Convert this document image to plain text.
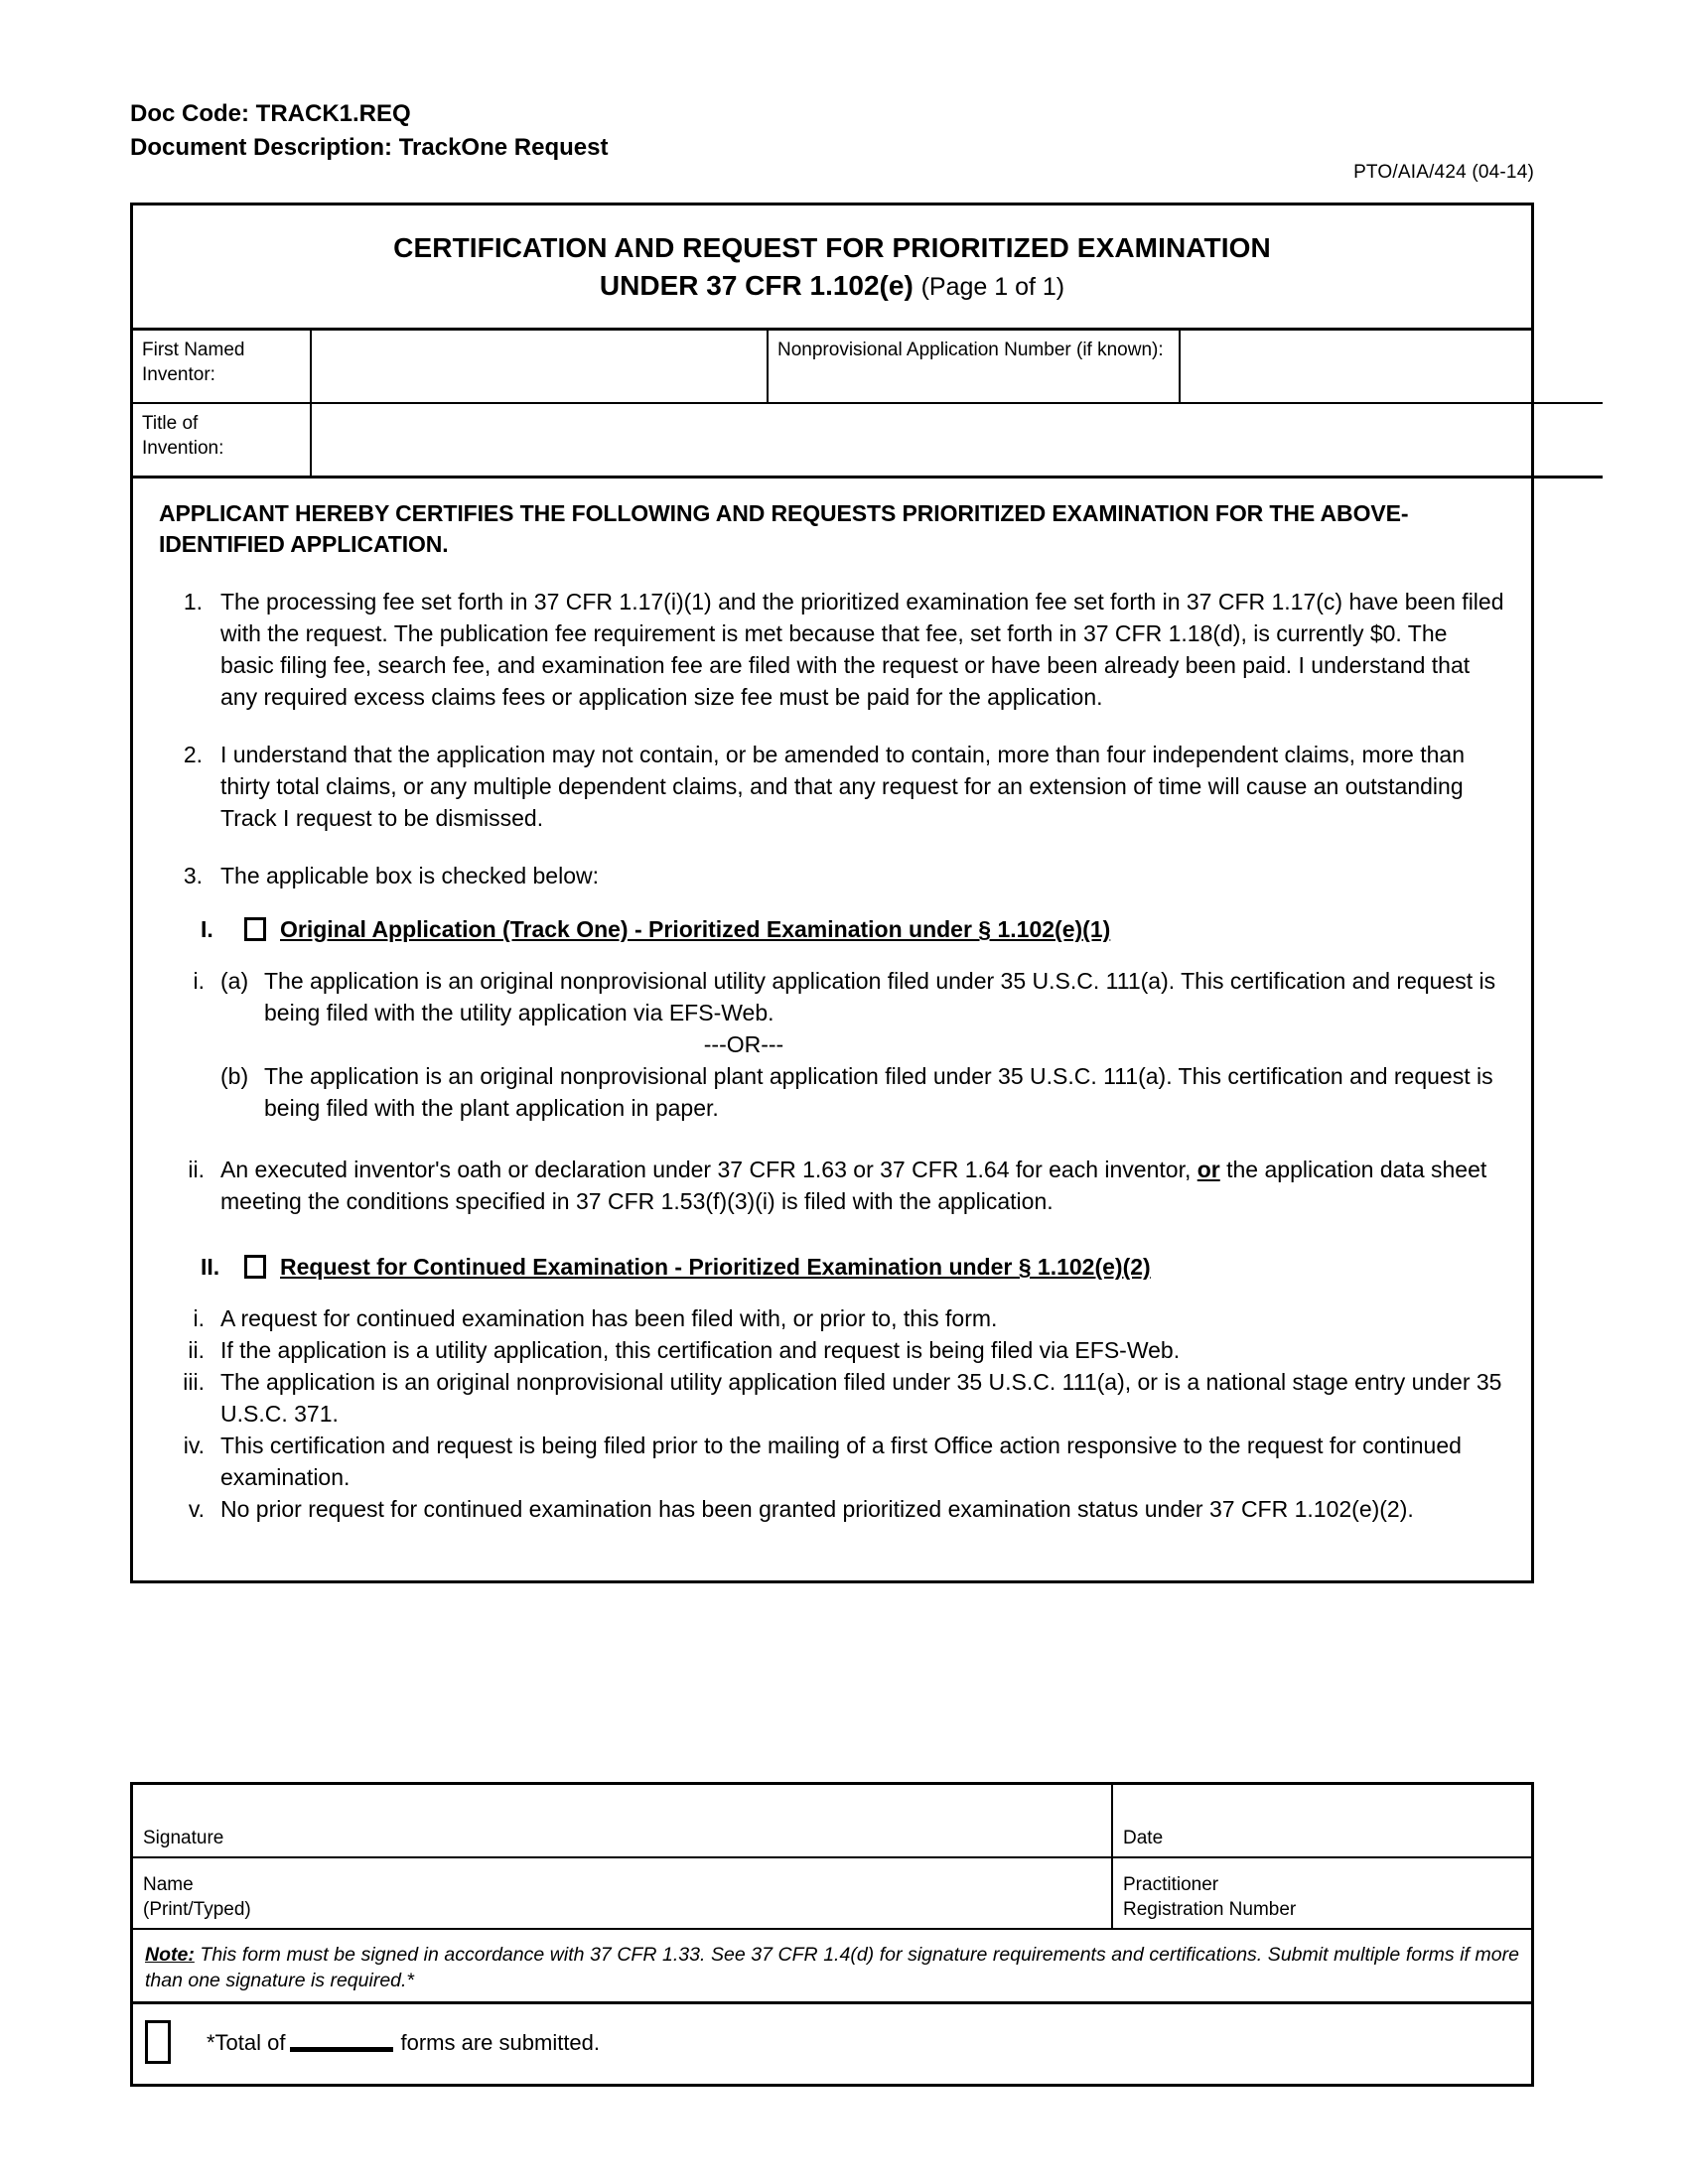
Doc Code: TRACK1.REQ
Document Description: TrackOne Request
PTO/AIA/424 (04-14)
CERTIFICATION AND REQUEST FOR PRIORITIZED EXAMINATION
UNDER 37 CFR 1.102(e) (Page 1 of 1)
First Named
Inventor:		Nonprovisional Application Number (if known):	
Title of
Invention:			
APPLICANT HEREBY CERTIFIES THE FOLLOWING AND REQUESTS PRIORITIZED EXAMINATION FOR THE ABOVE-IDENTIFIED APPLICATION.
1. The processing fee set forth in 37 CFR 1.17(i)(1) and the prioritized examination fee set forth in 37 CFR 1.17(c) have been filed with the request. The publication fee requirement is met because that fee, set forth in 37 CFR 1.18(d), is currently $0. The basic filing fee, search fee, and examination fee are filed with the request or have been already been paid. I understand that any required excess claims fees or application size fee must be paid for the application.
2. I understand that the application may not contain, or be amended to contain, more than four independent claims, more than thirty total claims, or any multiple dependent claims, and that any request for an extension of time will cause an outstanding Track I request to be dismissed.
3. The applicable box is checked below:
I.	Original Application (Track One) - Prioritized Examination under § 1.102(e)(1)
i. (a) The application is an original nonprovisional utility application filed under 35 U.S.C. 111(a). This certification and request is being filed with the utility application via EFS-Web.
---OR---
(b) The application is an original nonprovisional plant application filed under 35 U.S.C. 111(a). This certification and request is being filed with the plant application in paper.
ii. An executed inventor's oath or declaration under 37 CFR 1.63 or 37 CFR 1.64 for each inventor, or the application data sheet meeting the conditions specified in 37 CFR 1.53(f)(3)(i) is filed with the application.
II.	Request for Continued Examination - Prioritized Examination under § 1.102(e)(2)
i. A request for continued examination has been filed with, or prior to, this form.
ii. If the application is a utility application, this certification and request is being filed via EFS-Web.
iii. The application is an original nonprovisional utility application filed under 35 U.S.C. 111(a), or is a national stage entry under 35 U.S.C. 371.
iv. This certification and request is being filed prior to the mailing of a first Office action responsive to the request for continued examination.
v. No prior request for continued examination has been granted prioritized examination status under 37 CFR 1.102(e)(2).
Signature	Date
Name
(Print/Typed)	Practitioner
Registration Number
Note: This form must be signed in accordance with 37 CFR 1.33. See 37 CFR 1.4(d) for signature requirements and certifications. Submit multiple forms if more than one signature is required.*	

*Total of forms are submitted.	
